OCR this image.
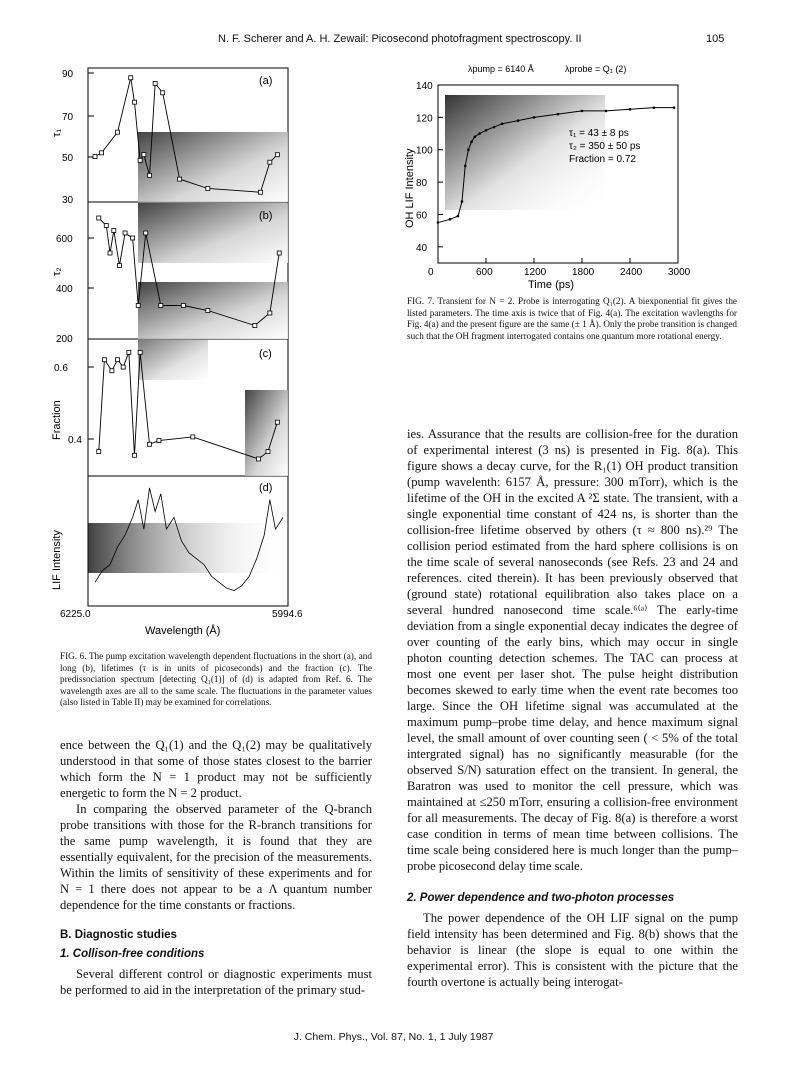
N. F. Scherer and A. H. Zewail: Picosecond photofragment spectroscopy. II	105
(a)
(b)
(c)
(d)
90
70
50
30
600
400
200
0.6
0.4
τ₁
τ₂
Fraction
LIF Intensity
6225.0	5994.6
Wavelength (Å)
FIG. 6. The pump excitation wavelength dependent fluctuations in the short (a), and long (b), lifetimes (τ is in units of picoseconds) and the fraction (c). The predissociation spectrum [detecting Q₁(1)] of (d) is adapted from Ref. 6. The wavelength axes are all to the same scale. The fluctuations in the parameter values (also listed in Table II) may be examined for correlations.
λpump = 6140 Å	λprobe = Q₁ (2)
140
120
100
80
60
40
0	600	1200	1800	2400	3000
τ₁ = 43 ± 8 ps
τ₂ = 350 ± 50 ps
Fraction = 0.72
OH LIF Intensity
Time (ps)
FIG. 7. Transient for N = 2. Probe is interrogating Q₁(2). A biexponential fit gives the listed parameters. The time axis is twice that of Fig. 4(a). The excitation wavlengths for Fig. 4(a) and the present figure are the same (± 1 Å). Only the probe transition is changed such that the OH fragment interrogated contains one quantum more rotational energy.

ence between the Q₁(1) and the Q₁(2) may be qualitatively understood in that some of those states closest to the barrier which form the N = 1 product may not be sufficiently energetic to form the N = 2 product.

In comparing the observed parameter of the Q-branch probe transitions with those for the R-branch transitions for the same pump wavelength, it is found that they are essentially equivalent, for the precision of the measurements. Within the limits of sensitivity of these experiments and for N = 1 there does not appear to be a Λ quantum number dependence for the time constants or fractions.

B. Diagnostic studies
1. Collison-free conditions

Several different control or diagnostic experiments must be performed to aid in the interpretation of the primary stud-

ies. Assurance that the results are collision-free for the duration of experimental interest (3 ns) is presented in Fig. 8(a). This figure shows a decay curve, for the R₁(1) OH product transition (pump wavelenth: 6157 Å, pressure: 300 mTorr), which is the lifetime of the OH in the excited A ²Σ state. The transient, with a single exponential time constant of 424 ns, is shorter than the collision-free lifetime observed by others (τ ≈ 800 ns).²⁹ The collision period estimated from the hard sphere collisions is on the time scale of several nanoseconds (see Refs. 23 and 24 and references. cited therein). It has been previously observed that (ground state) rotational equilibration also takes place on a several hundred nanosecond time scale.⁶⁽ᵃ⁾ The early-time deviation from a single exponential decay indicates the degree of over counting of the early bins, which may occur in single photon counting detection schemes. The TAC can process at most one event per laser shot. The pulse height distribution becomes skewed to early time when the event rate becomes too large. Since the OH lifetime signal was accumulated at the maximum pump–probe time delay, and hence maximum signal level, the small amount of over counting seen ( < 5% of the total intergrated signal) has no significantly measurable (for the observed S/N) saturation effect on the transient. In general, the Baratron was used to monitor the cell pressure, which was maintained at ≤250 mTorr, ensuring a collision-free environment for all measurements. The decay of Fig. 8(a) is therefore a worst case condition in terms of mean time between collisions. The time scale being considered here is much longer than the pump–probe picosecond delay time scale.

2. Power dependence and two-photon processes

The power dependence of the OH LIF signal on the pump field intensity has been determined and Fig. 8(b) shows that the behavior is linear (the slope is equal to one within the experimental error). This is consistent with the picture that the fourth overtone is actually being interogat-

J. Chem. Phys., Vol. 87, No. 1, 1 July 1987
